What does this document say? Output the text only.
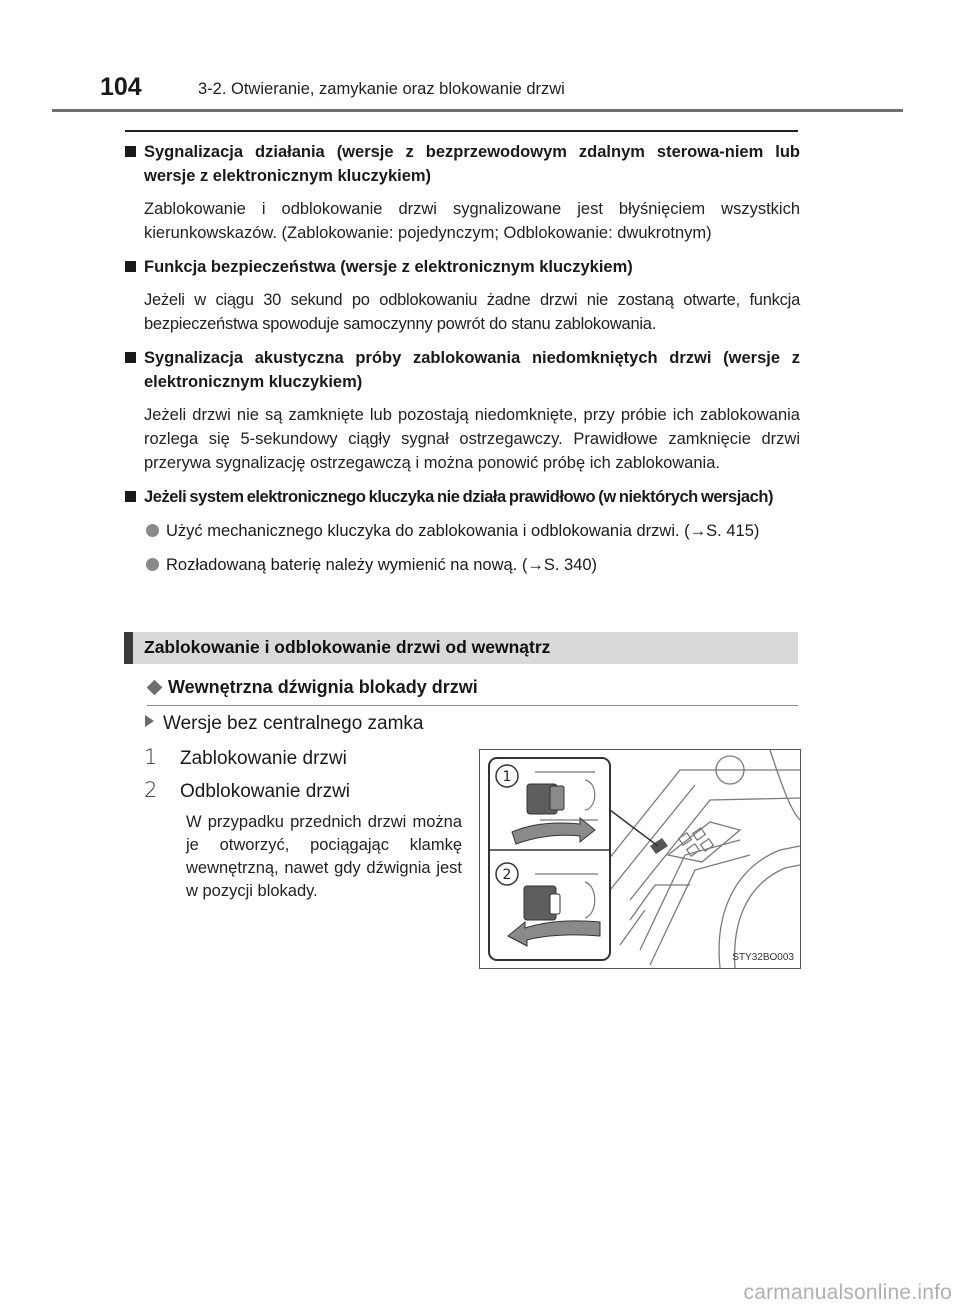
104	3-2. Otwieranie, zamykanie oraz blokowanie drzwi

Sygnalizacja działania (wersje z bezprzewodowym zdalnym sterowa-niem lub wersje z elektronicznym kluczykiem)

Zablokowanie i odblokowanie drzwi sygnalizowane jest błyśnięciem wszystkich kierunkowskazów. (Zablokowanie: pojedynczym; Odblokowanie: dwukrotnym)

Funkcja bezpieczeństwa (wersje z elektronicznym kluczykiem)

Jeżeli w ciągu 30 sekund po odblokowaniu żadne drzwi nie zostaną otwarte, funkcja bezpieczeństwa spowoduje samoczynny powrót do stanu zablokowania.

Sygnalizacja akustyczna próby zablokowania niedomkniętych drzwi (wersje z elektronicznym kluczykiem)

Jeżeli drzwi nie są zamknięte lub pozostają niedomknięte, przy próbie ich zablokowania rozlega się 5-sekundowy ciągły sygnał ostrzegawczy. Prawidłowe zamknięcie drzwi przerywa sygnalizację ostrzegawczą i można ponowić próbę ich zablokowania.

Jeżeli system elektronicznego kluczyka nie działa prawidłowo (w niektórych wersjach)

Użyć mechanicznego kluczyka do zablokowania i odblokowania drzwi. (→S. 415)
Rozładowaną baterię należy wymienić na nową. (→S. 340)
Zablokowanie i odblokowanie drzwi od wewnątrz
Wewnętrzna dźwignia blokady drzwi
Wersje bez centralnego zamka
1 Zablokowanie drzwi
2 Odblokowanie drzwi
W przypadku przednich drzwi można je otworzyć, pociągając klamkę wewnętrzną, nawet gdy dźwignia jest w pozycji blokady.
1
2
STY32BO003
carmanualsonline.info
